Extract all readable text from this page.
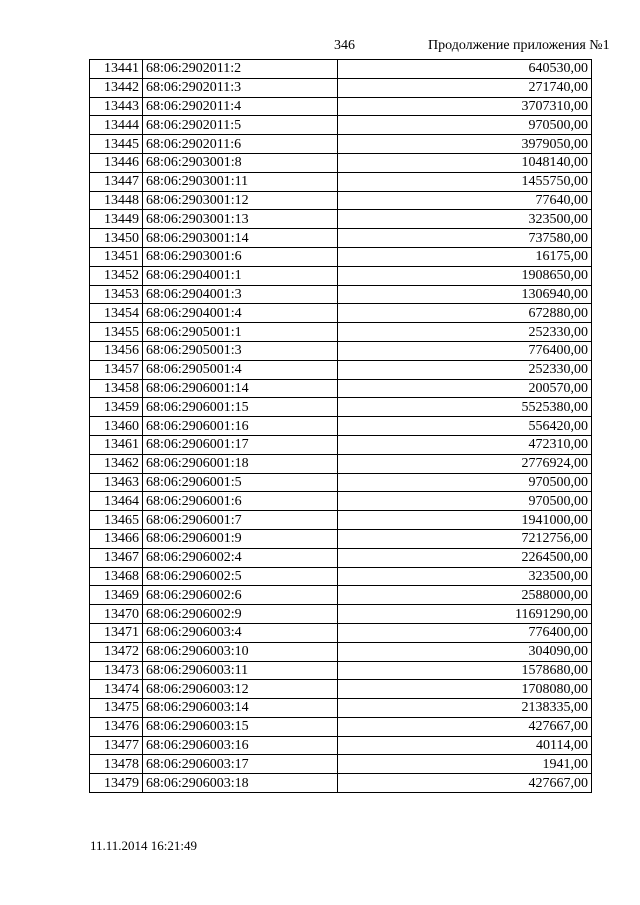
346	Продолжение приложения №1
13441	68:06:2902011:2	640530,00
13442	68:06:2902011:3	271740,00
13443	68:06:2902011:4	3707310,00
13444	68:06:2902011:5	970500,00
13445	68:06:2902011:6	3979050,00
13446	68:06:2903001:8	1048140,00
13447	68:06:2903001:11	1455750,00
13448	68:06:2903001:12	77640,00
13449	68:06:2903001:13	323500,00
13450	68:06:2903001:14	737580,00
13451	68:06:2903001:6	16175,00
13452	68:06:2904001:1	1908650,00
13453	68:06:2904001:3	1306940,00
13454	68:06:2904001:4	672880,00
13455	68:06:2905001:1	252330,00
13456	68:06:2905001:3	776400,00
13457	68:06:2905001:4	252330,00
13458	68:06:2906001:14	200570,00
13459	68:06:2906001:15	5525380,00
13460	68:06:2906001:16	556420,00
13461	68:06:2906001:17	472310,00
13462	68:06:2906001:18	2776924,00
13463	68:06:2906001:5	970500,00
13464	68:06:2906001:6	970500,00
13465	68:06:2906001:7	1941000,00
13466	68:06:2906001:9	7212756,00
13467	68:06:2906002:4	2264500,00
13468	68:06:2906002:5	323500,00
13469	68:06:2906002:6	2588000,00
13470	68:06:2906002:9	11691290,00
13471	68:06:2906003:4	776400,00
13472	68:06:2906003:10	304090,00
13473	68:06:2906003:11	1578680,00
13474	68:06:2906003:12	1708080,00
13475	68:06:2906003:14	2138335,00
13476	68:06:2906003:15	427667,00
13477	68:06:2906003:16	40114,00
13478	68:06:2906003:17	1941,00
13479	68:06:2906003:18	427667,00
11.11.2014 16:21:49
